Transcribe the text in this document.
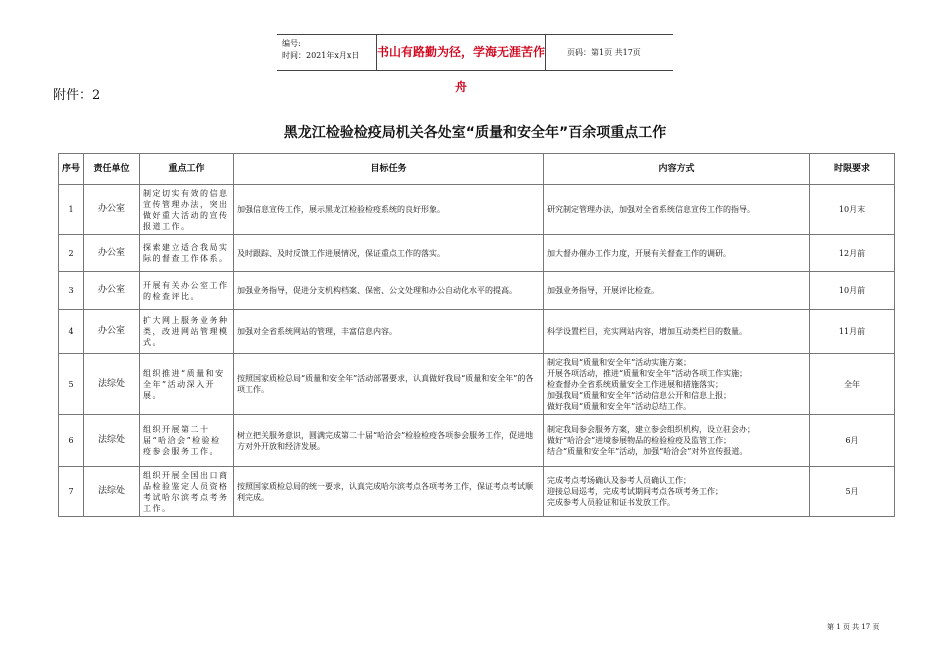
编号:
时间：2021年x月x日 书山有路勤为径，学海无涯苦作舟
页码：第1页 共17页
附件：2
黑龙江检验检疫局机关各处室“质量和安全年”百余项重点工作
序号	责任单位	重点工作	目标任务	内容方式	时限要求
1	办公室	制定切实有效的信息宣传管理办法，突出做好重大活动的宣传报道工作。	加强信息宣传工作，展示黑龙江检验检疫系统的良好形象。	研究制定管理办法，加强对全省系统信息宣传工作的指导。	10月末
2	办公室	探索建立适合我局实际的督查工作体系。	及时跟踪、及时反馈工作进展情况，保证重点工作的落实。	加大督办催办工作力度，开展有关督查工作的调研。	12月前
3	办公室	开展有关办公室工作的检查评比。	加强业务指导，促进分支机构档案、保密、公文处理和办公自动化水平的提高。	加强业务指导，开展评比检查。	10月前
4	办公室	扩大网上服务业务种类，改进网站管理模式。	加强对全省系统网站的管理，丰富信息内容。	科学设置栏目，充实网站内容，增加互动类栏目的数量。	11月前
5	法综处	组织推进“质量和安全年”活动深入开展。	按照国家质检总局“质量和安全年”活动部署要求，认真做好我局“质量和安全年”的各项工作。	制定我局“质量和安全年”活动实施方案；
开展各项活动，推进“质量和安全年”活动各项工作实施；
检查督办全省系统质量安全工作进展和措施落实；
加强我局“质量和安全年”活动信息公开和信息上报；
做好我局“质量和安全年”活动总结工作。	全年
6	法综处	组织开展第二十届“哈洽会”检验检疫参会服务工作。	树立把关服务意识，圆满完成第二十届“哈洽会”检验检疫各项参会服务工作，促进地方对外开放和经济发展。	制定我局参会服务方案，建立参会组织机构，设立驻会办；
做好“哈洽会”进境参展物品的检验检疫及监管工作；
结合“质量和安全年”活动，加强“哈洽会”对外宣传报道。	6月
7	法综处	组织开展全国出口商品检验鉴定人员资格考试哈尔滨考点考务工作。	按照国家质检总局的统一要求，认真完成哈尔滨考点各项考务工作，保证考点考试顺利完成。	完成考点考场确认及参考人员确认工作；
迎接总局巡考，完成考试期间考点各项考务工作；
完成参考人员验证和证书发放工作。	5月
第 1 页 共 17 页
